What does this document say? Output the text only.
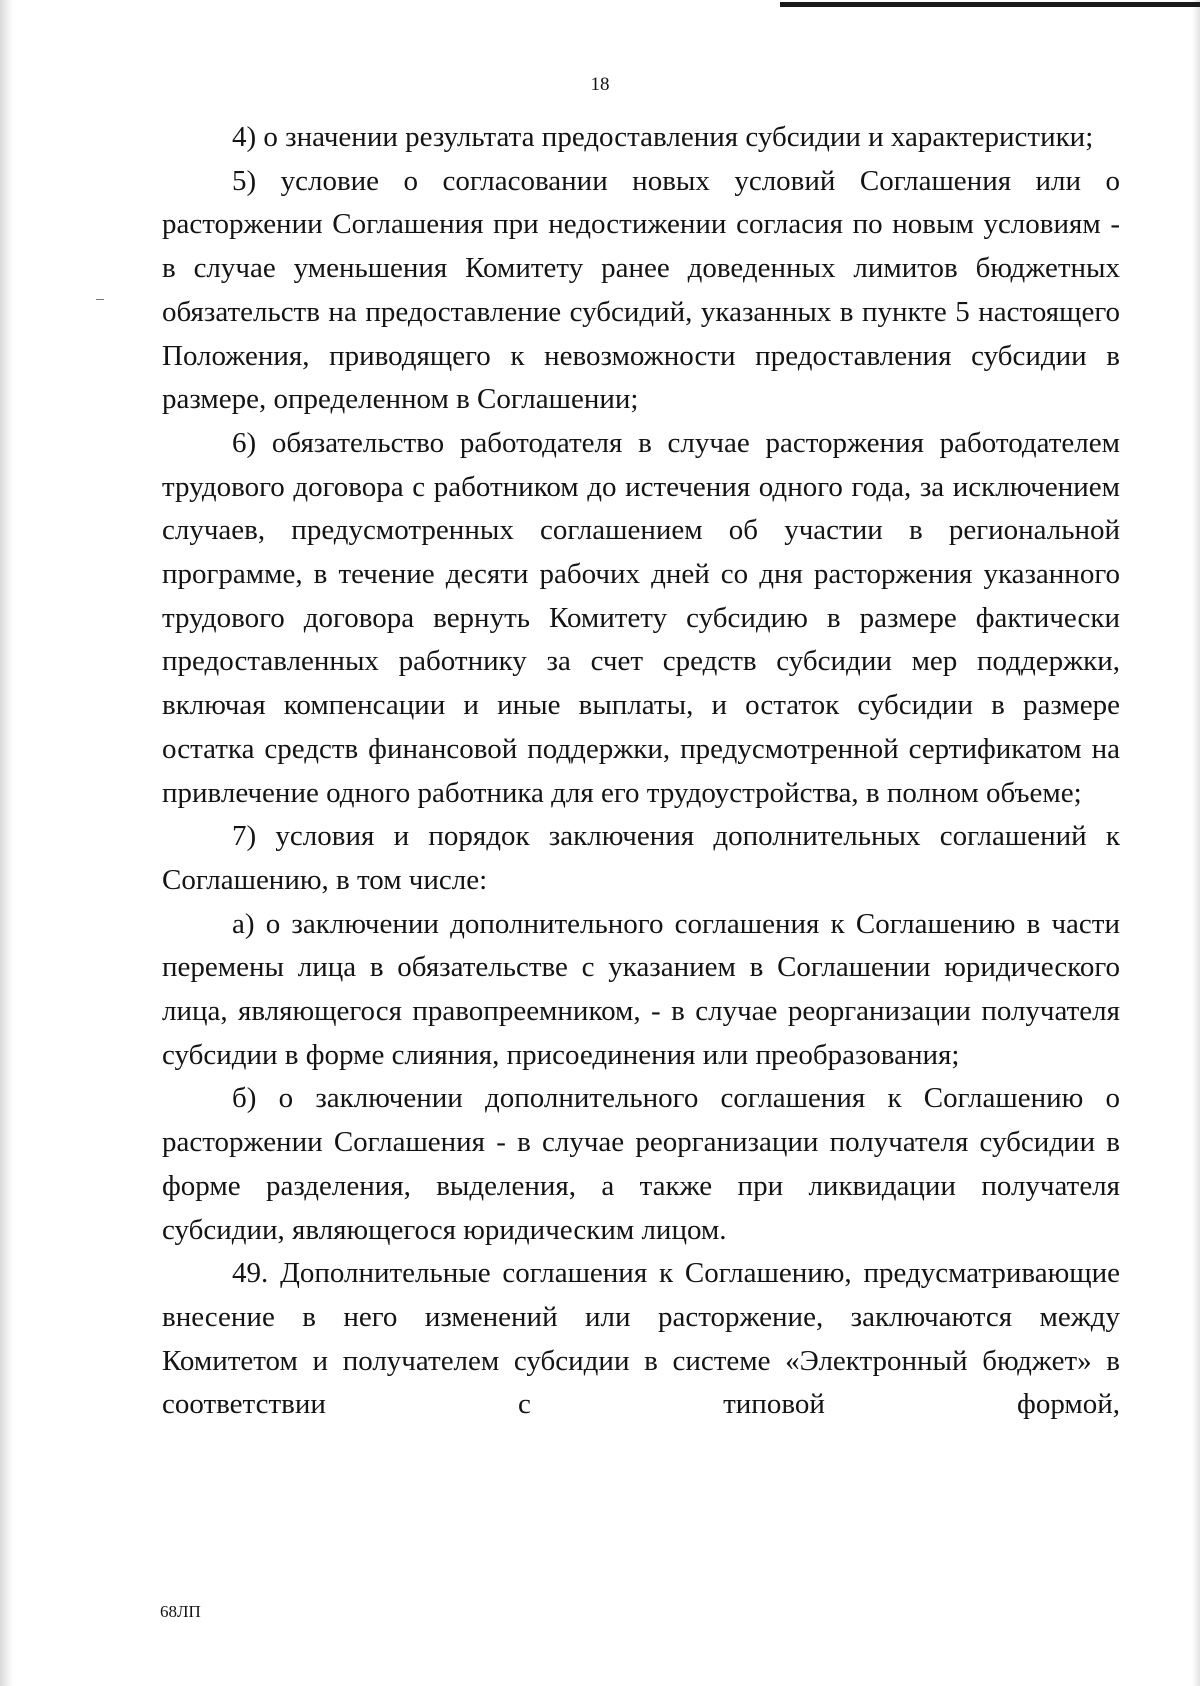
18

4) о значении результата предоставления субсидии и характеристики;

5) условие о согласовании новых условий Соглашения или о расторжении Соглашения при недостижении согласия по новым условиям - в случае уменьшения Комитету ранее доведенных лимитов бюджетных обязательств на предоставление субсидий, указанных в пункте 5 настоящего Положения, приводящего к невозможности предоставления субсидии в размере, определенном в Соглашении;

6) обязательство работодателя в случае расторжения работодателем трудового договора с работником до истечения одного года, за исключением случаев, предусмотренных соглашением об участии в региональной программе, в течение десяти рабочих дней со дня расторжения указанного трудового договора вернуть Комитету субсидию в размере фактически предоставленных работнику за счет средств субсидии мер поддержки, включая компенсации и иные выплаты, и остаток субсидии в размере остатка средств финансовой поддержки, предусмотренной сертификатом на привлечение одного работника для его трудоустройства, в полном объеме;

7) условия и порядок заключения дополнительных соглашений к Соглашению, в том числе:

а) о заключении дополнительного соглашения к Соглашению в части перемены лица в обязательстве с указанием в Соглашении юридического лица, являющегося правопреемником, - в случае реорганизации получателя субсидии в форме слияния, присоединения или преобразования;

б) о заключении дополнительного соглашения к Соглашению о расторжении Соглашения - в случае реорганизации получателя субсидии в форме разделения, выделения, а также при ликвидации получателя субсидии, являющегося юридическим лицом.

49. Дополнительные соглашения к Соглашению, предусматривающие внесение в него изменений или расторжение, заключаются между Комитетом и получателем субсидии в системе «Электронный бюджет» в соответствии с типовой формой,

68ЛП
